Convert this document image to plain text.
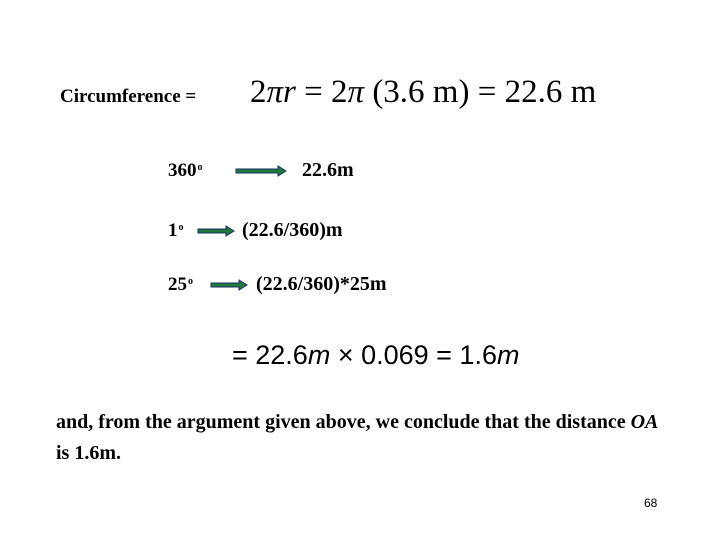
Circumference = 2πr = 2π (3.6 m) = 22.6 m
360$^o$	22.6m
1$^o$	(22.6/360)m
25$^o$	(22.6/360)*25m
= 22.6m × 0.069 = 1.6m
and, from the argument given above, we conclude that the distance OA is 1.6m.
68
